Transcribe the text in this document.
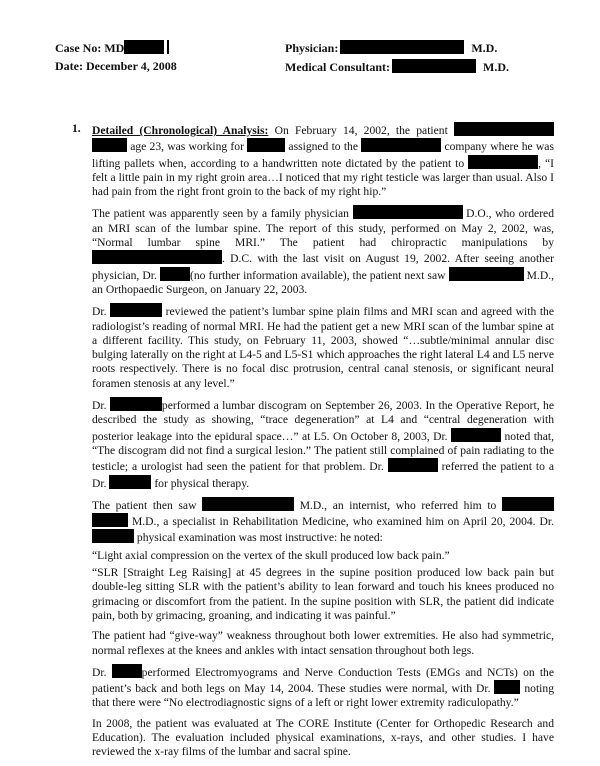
Case No: MD
Date: December 4, 2008
Physician:	M.D.
Medical Consultant:	M.D.
1. Detailed (Chronological) Analysis: On February 14, 2002, the patient  age 23, was working for	assigned to the	company where he was lifting pallets when, according to a handwritten note dictated by the patient to	, “I felt a little pain in my right groin area…I noticed that my right testicle was larger than usual. Also I had pain from the right front groin to the back of my right hip.”

The patient was apparently seen by a family physician	D.O., who ordered an MRI scan of the lumbar spine. The report of this study, performed on May 2, 2002, was, “Normal lumbar spine MRI.” The patient had chiropractic manipulations by . D.C. with the last visit on August 19, 2002. After seeing another physician, Dr.	(no further information available), the patient next saw	M.D., an Orthopaedic Surgeon, on January 22, 2003.

Dr.	reviewed the patient’s lumbar spine plain films and MRI scan and agreed with the radiologist’s reading of normal MRI. He had the patient get a new MRI scan of the lumbar spine at a different facility. This study, on February 11, 2003, showed “…subtle/minimal annular disc bulging laterally on the right at L4-5 and L5-S1 which approaches the right lateral L4 and L5 nerve roots respectively. There is no focal disc protrusion, central canal stenosis, or significant neural foramen stenosis at any level.”

Dr.	performed a lumbar discogram on September 26, 2003. In the Operative Report, he described the study as showing, “trace degeneration” at L4 and “central degeneration with posterior leakage into the epidural space…” at L5. On October 8, 2003, Dr.	noted that, “The discogram did not find a surgical lesion.” The patient still complained of pain radiating to the testicle; a urologist had seen the patient for that problem. Dr.	referred the patient to a Dr.	for physical therapy.

The patient then saw	M.D., an internist, who referred him to   M.D., a specialist in Rehabilitation Medicine, who examined him on April 20, 2004. Dr.  physical examination was most instructive: he noted:

“Light axial compression on the vertex of the skull produced low back pain.”

“SLR [Straight Leg Raising] at 45 degrees in the supine position produced low back pain but double-leg sitting SLR with the patient’s ability to lean forward and touch his knees produced no grimacing or discomfort from the patient. In the supine position with SLR, the patient did indicate pain, both by grimacing, groaning, and indicating it was painful.”

The patient had “give-way” weakness throughout both lower extremities. He also had symmetric, normal reflexes at the knees and ankles with intact sensation throughout both legs.

Dr.	performed Electromyograms and Nerve Conduction Tests (EMGs and NCTs) on the patient’s back and both legs on May 14, 2004. These studies were normal, with Dr.	noting that there were “No electrodiagnostic signs of a left or right lower extremity radiculopathy.”

In 2008, the patient was evaluated at The CORE Institute (Center for Orthopedic Research and Education). The evaluation included physical examinations, x-rays, and other studies. I have reviewed the x-ray films of the lumbar and sacral spine.
